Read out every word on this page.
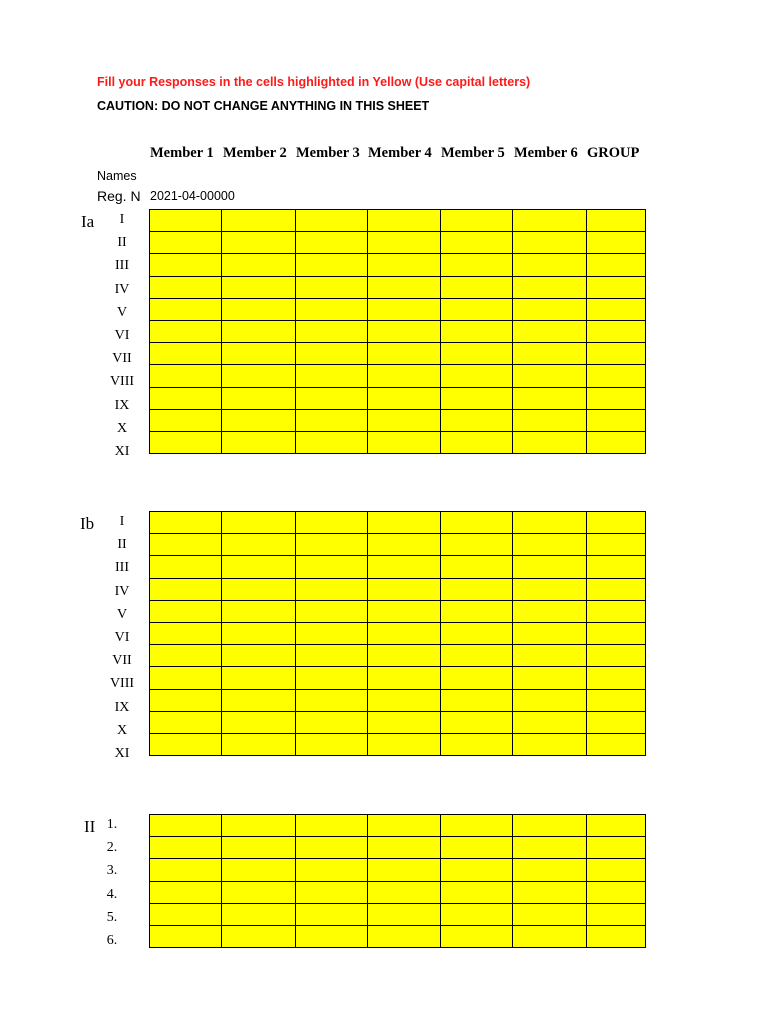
Fill your Responses in the cells highlighted in Yellow (Use capital letters)
CAUTION: DO NOT CHANGE ANYTHING IN THIS SHEET
Member 1 Member 2 Member 3 Member 4 Member 5 Member 6 GROUP
Names
Reg. N 2021-04-00000
Ia	I
II
III
IV
V
VI
VII
VIII
IX
X
XI

Ib	I
II
III
IV
V
VI
VII
VIII
IX
X
XI

II 1.
2.
3.
4.
5.
6.
